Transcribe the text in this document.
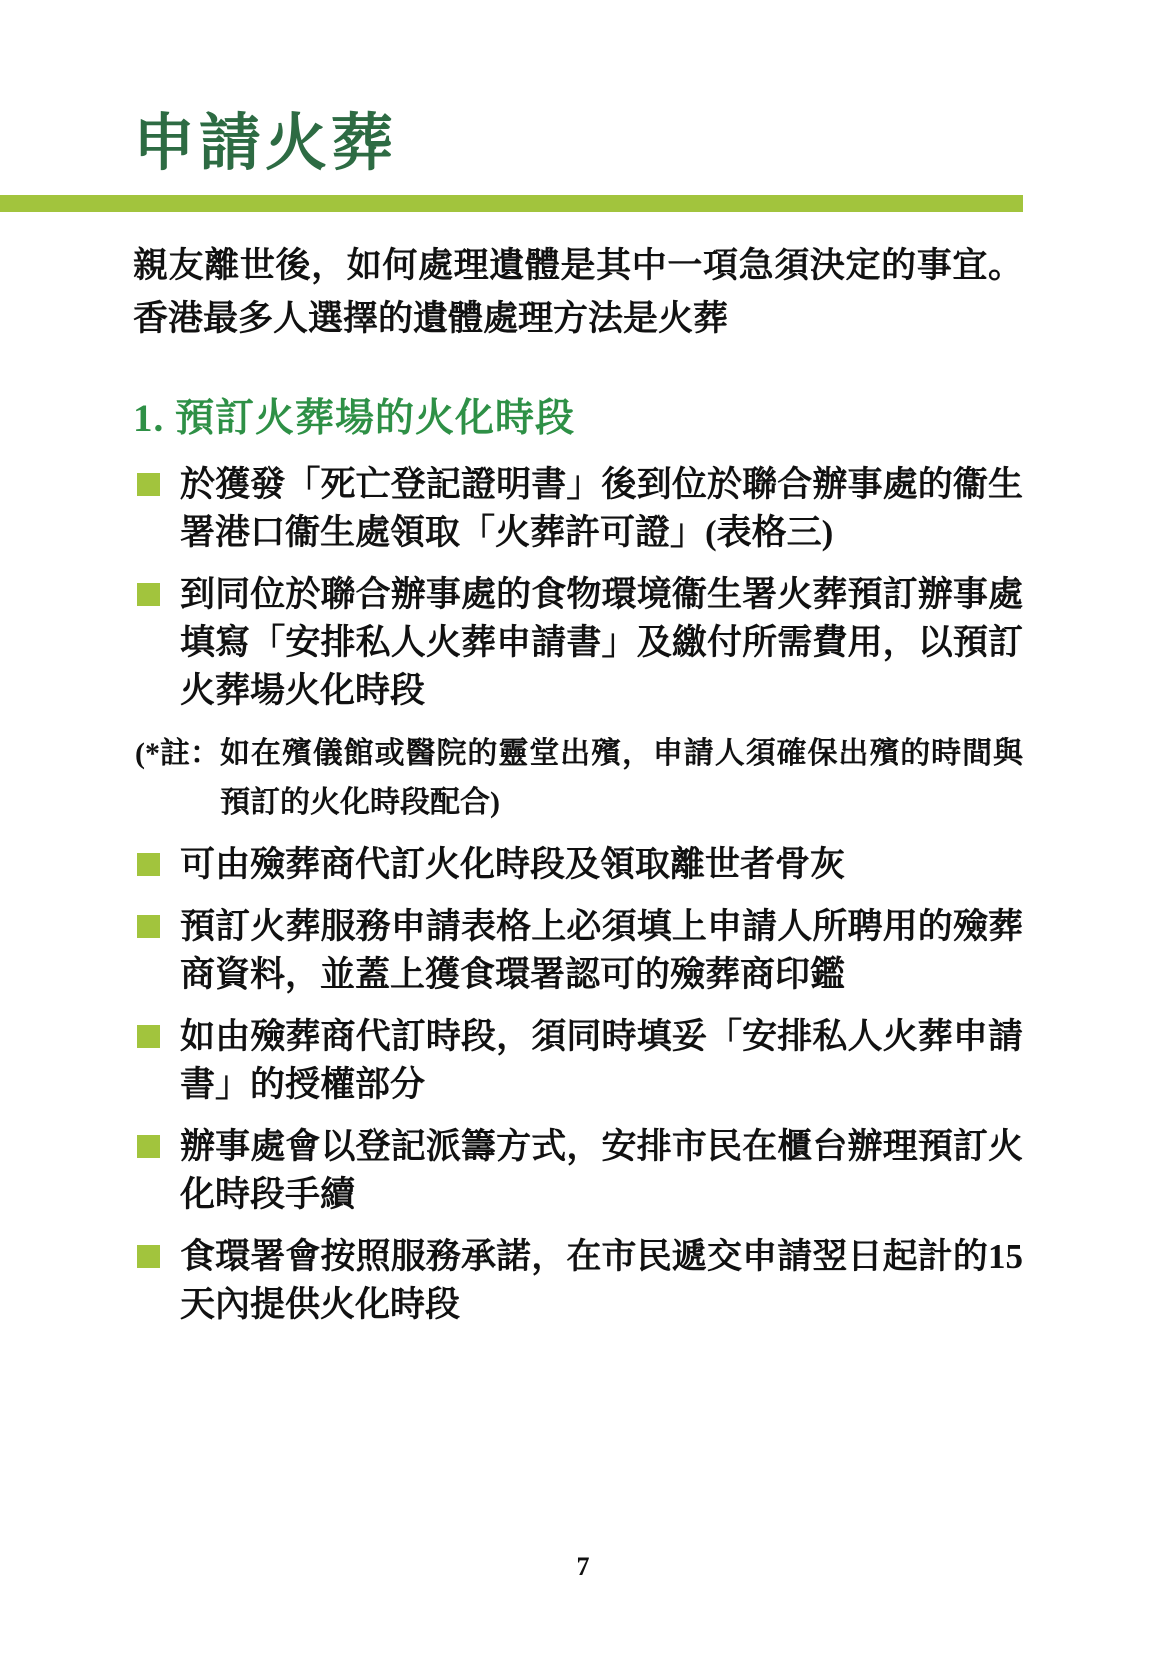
申請火葬

親友離世後，如何處理遺體是其中一項急須決定的事宜。香港最多人選擇的遺體處理方法是火葬

1. 預訂火葬場的火化時段
於獲發「死亡登記證明書」後到位於聯合辦事處的衞生署港口衞生處領取「火葬許可證」(表格三)
到同位於聯合辦事處的食物環境衞生署火葬預訂辦事處填寫「安排私人火葬申請書」及繳付所需費用，以預訂火葬場火化時段
(*註： 如在殯儀館或醫院的靈堂出殯，申請人須確保出殯的時間與預訂的火化時段配合)
可由殮葬商代訂火化時段及領取離世者骨灰
預訂火葬服務申請表格上必須填上申請人所聘用的殮葬商資料，並蓋上獲食環署認可的殮葬商印鑑
如由殮葬商代訂時段，須同時填妥「安排私人火葬申請書」的授權部分
辦事處會以登記派籌方式，安排市民在櫃台辦理預訂火化時段手續
食環署會按照服務承諾，在市民遞交申請翌日起計的15天內提供火化時段
7
